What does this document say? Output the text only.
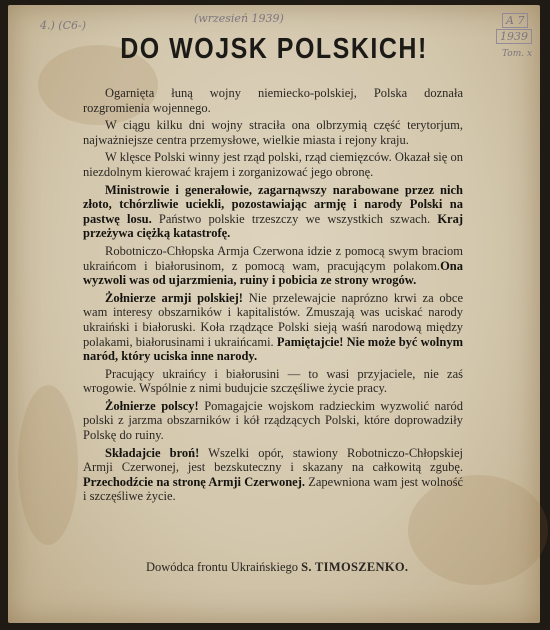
4.) (C6-)
(wrzesień 1939)	A 7
1939
Tom. x
DO WOJSK POLSKICH!

Ogarnięta łuną wojny niemiecko-polskiej, Polska doznała rozgromienia wojennego.

W ciągu kilku dni wojny straciła ona olbrzymią część terytorjum, najważniejsze centra przemysłowe, wielkie miasta i rejony kraju.

W klęsce Polski winny jest rząd polski, rząd ciemięzców. Okazał się on niezdolnym kierować krajem i zorganizować jego obronę.

Ministrowie i generałowie, zagarnąwszy narabowane przez nich złoto, tchórzliwie uciekli, pozostawiając armję i narody Polski na pastwę losu. Państwo polskie trzeszczy we wszystkich szwach. Kraj przeżywa ciężką katastrofę.

Robotniczo-Chłopska Armja Czerwona idzie z pomocą swym braciom ukraińcom i białorusinom, z pomocą wam, pracującym polakom.Ona wyzwoli was od ujarzmienia, ruiny i pobicia ze strony wrogów.

Żołnierze armji polskiej! Nie przelewajcie naprózno krwi za obce wam interesy obszarników i kapitalistów. Zmuszają was uciskać narody ukraiński i białoruski. Koła rządzące Polski sieją waśń narodową między polakami, białorusinami i ukraińcami. Pamiętajcie! Nie może być wolnym naród, który uciska inne narody.

Pracujący ukraińcy i białorusini — to wasi przyjaciele, nie zaś wrogowie. Wspólnie z nimi budujcie szczęśliwe życie pracy.

Żołnierze polscy! Pomagajcie wojskom radzieckim wyzwolić naród polski z jarzma obszarników i kół rządzących Polski, które doprowadziły Polskę do ruiny.

Składajcie broń! Wszelki opór, stawiony Robotniczo-Chłopskiej Armji Czerwonej, jest bezskuteczny i skazany na całkowitą zgubę. Przechodźcie na stronę Armji Czerwonej. Zapewniona wam jest wolność i szczęśliwe życie.

Dowódca frontu Ukraińskiego S. TIMOSZENKO.
